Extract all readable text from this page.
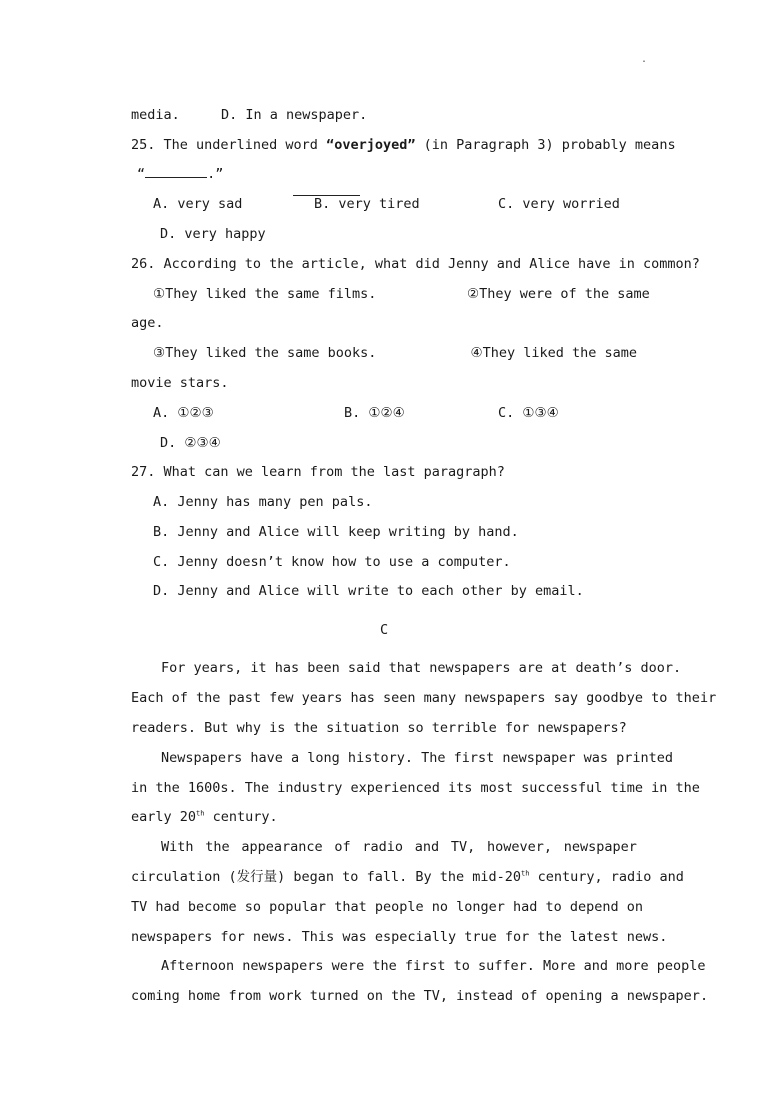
.
media.	D. In a newspaper.
25. The underlined word “overjoyed” (in Paragraph 3) probably means
“	.”
A. very sad	B. very tired	C. very worried
D. very happy
26. According to the article, what did Jenny and Alice have in common?
①They liked the same films.	②They were of the same
age.
③They liked the same books.	④They liked the same
movie stars.
A. ①②③	B. ①②④	C. ①③④
D. ②③④
27. What can we learn from the last paragraph?
A. Jenny has many pen pals.
B. Jenny and Alice will keep writing by hand.
C. Jenny doesn’t know how to use a computer.
D. Jenny and Alice will write to each other by email.
C
For years, it has been said that newspapers are at death’s door.
Each of the past few years has seen many newspapers say goodbye to their
readers. But why is the situation so terrible for newspapers?
Newspapers have a long history. The first newspaper was printed
in the 1600s. The industry experienced its most successful time in the
early 20th century.
With the appearance of radio and TV, however, newspaper
circulation (发行量) began to fall. By the mid-20th century, radio and
TV had become so popular that people no longer had to depend on
newspapers for news. This was especially true for the latest news.
Afternoon newspapers were the first to suffer. More and more people
coming home from work turned on the TV, instead of opening a newspaper.
